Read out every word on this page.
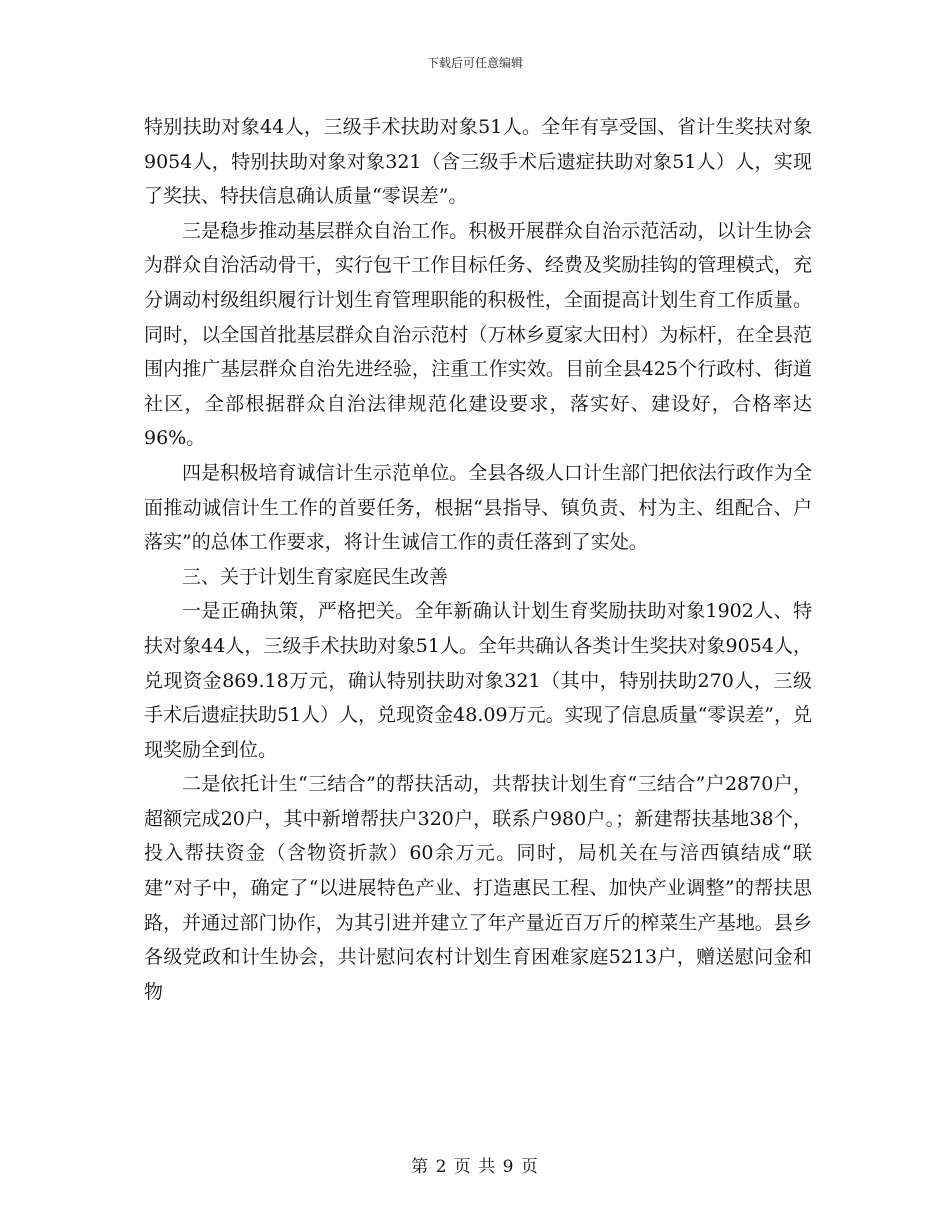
下载后可任意编辑

特别扶助对象44人，三级手术扶助对象51人。全年有享受国、省计生奖扶对象9054人，特别扶助对象对象321（含三级手术后遗症扶助对象51人）人，实现了奖扶、特扶信息确认质量“零误差”。

三是稳步推动基层群众自治工作。积极开展群众自治示范活动，以计生协会为群众自治活动骨干，实行包干工作目标任务、经费及奖励挂钩的管理模式，充分调动村级组织履行计划生育管理职能的积极性，全面提高计划生育工作质量。同时，以全国首批基层群众自治示范村（万林乡夏家大田村）为标杆，在全县范围内推广基层群众自治先进经验，注重工作实效。目前全县425个行政村、街道社区，全部根据群众自治法律规范化建设要求，落实好、建设好，合格率达96%。

四是积极培育诚信计生示范单位。全县各级人口计生部门把依法行政作为全面推动诚信计生工作的首要任务，根据“县指导、镇负责、村为主、组配合、户落实”的总体工作要求，将计生诚信工作的责任落到了实处。

三、关于计划生育家庭民生改善

一是正确执策，严格把关。全年新确认计划生育奖励扶助对象1902人、特扶对象44人，三级手术扶助对象51人。全年共确认各类计生奖扶对象9054人，兑现资金869.18万元，确认特别扶助对象321（其中，特别扶助270人，三级手术后遗症扶助51人）人，兑现资金48.09万元。实现了信息质量“零误差”，兑现奖励全到位。

二是依托计生“三结合”的帮扶活动，共帮扶计划生育“三结合”户2870户，超额完成20户，其中新增帮扶户320户，联系户980户。；新建帮扶基地38个，投入帮扶资金（含物资折款）60余万元。同时，局机关在与涪西镇结成“联建”对子中，确定了“以进展特色产业、打造惠民工程、加快产业调整”的帮扶思路，并通过部门协作，为其引进并建立了年产量近百万斤的榨菜生产基地。县乡各级党政和计生协会，共计慰问农村计划生育困难家庭5213户，赠送慰问金和物

第 2 页 共 9 页
